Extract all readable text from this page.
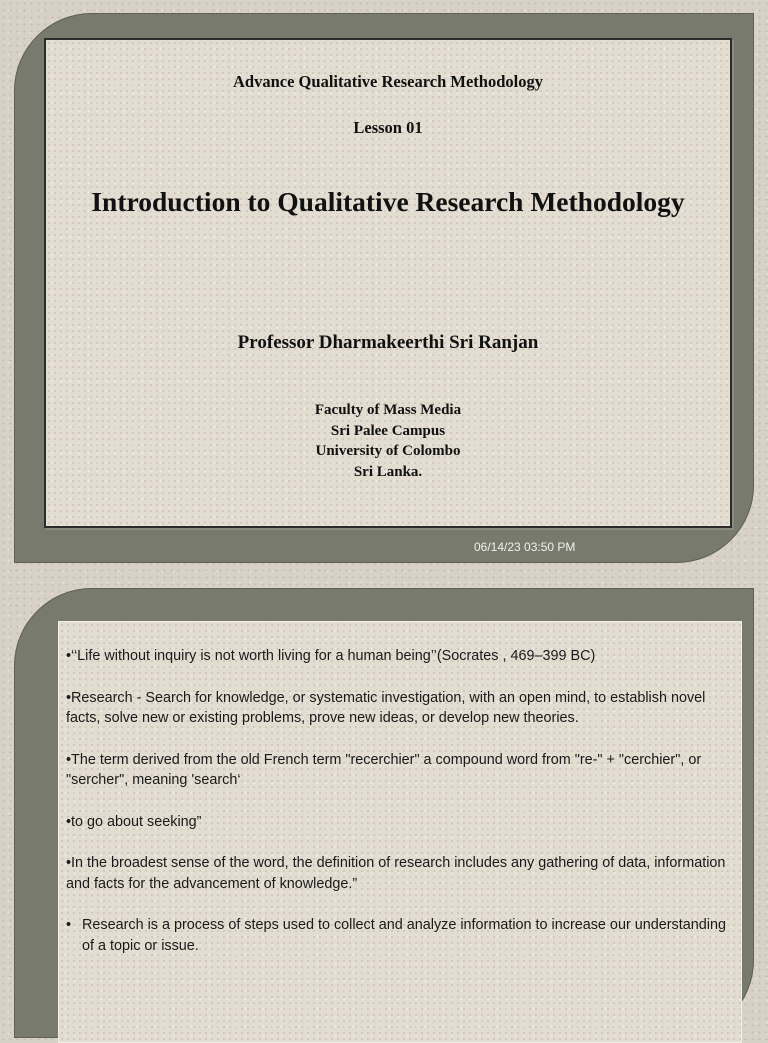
Advance Qualitative Research Methodology
Lesson 01
Introduction to Qualitative Research Methodology
Professor Dharmakeerthi Sri Ranjan
Faculty of Mass Media
Sri Palee Campus
University of Colombo
Sri Lanka.
06/14/23 03:50 PM

•‘‘Life without inquiry is not worth living for a human being’’(Socrates , 469–399 BC)

•Research - Search for knowledge, or systematic investigation, with an open mind, to establish novel facts, solve new or existing problems, prove new ideas, or develop new theories.

•The term derived from the old French term "recerchier" a compound word from "re-" + "cerchier", or "sercher", meaning 'search‘

•to go about seeking”

•In the broadest sense of the word, the definition of research includes any gathering of data, information and facts for the advancement of knowledge.”

• Research is a process of steps used to collect and analyze information to increase our understanding of a topic or issue.
